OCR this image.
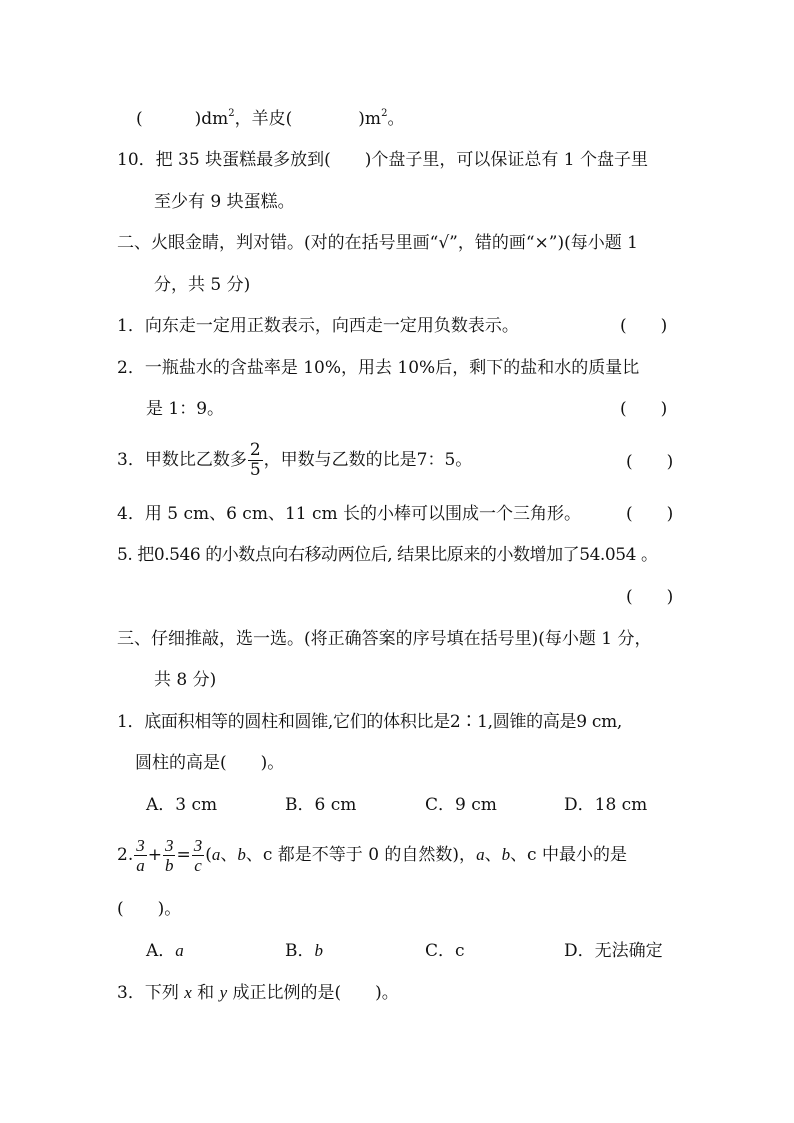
(	)$dm^2$，羊皮(	)$m^2$。
10．把 35 块蛋糕最多放到(　　)个盘子里，可以保证总有 1 个盘子里
至少有 9 块蛋糕。
二、火眼金睛，判对错。(对的在括号里画“√”，错的画“×”)(每小题 1
分，共 5 分)
1．向东走一定用正数表示，向西走一定用负数表示。	(　　)
2．一瓶盐水的含盐率是 10%，用去 10%后，剩下的盐和水的质量比
是 1：9。	(　　)
3．甲数比乙数多 $\frac{2}{5}$ ，甲数与乙数的比是7：5。	(　　)
4．用 5 cm、6 cm、11 cm 长的小棒可以围成一个三角形。	(　　)
5. 把0.546 的小数点向右移动两位后, 结果比原来的小数增加了54.054 。
(　　)
三、仔细推敲，选一选。(将正确答案的序号填在括号里)(每小题 1 分，
共 8 分)
1．底面积相等的圆柱和圆锥,它们的体积比是2∶1,圆锥的高是9 cm,
圆柱的高是(　　)。
A．3 cm	B．6 cm	C．9 cm	D．18 cm
2. $\frac{3}{a} + \frac{3}{b} = \frac{3}{c} (a$、b、c 都是不等于 0 的自然数)，a、b、c 中最小的是
(　　)。
A．a	B．b	C．c	D．无法确定
3．下列 x 和 y 成正比例的是(　　)。
